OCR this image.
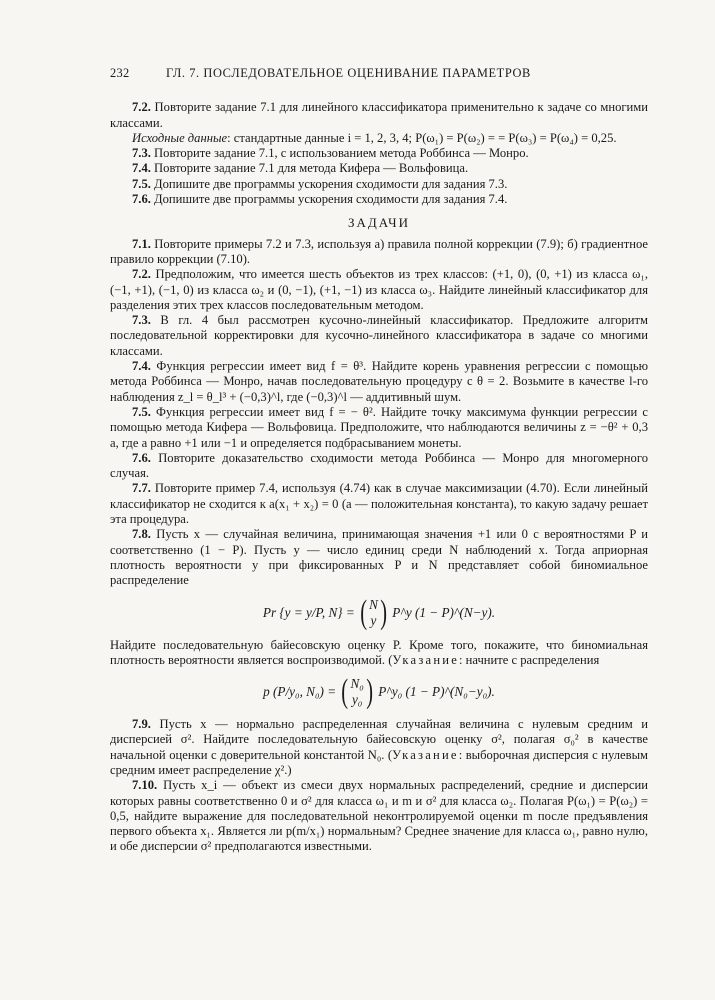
232	ГЛ. 7. ПОСЛЕДОВАТЕЛЬНОЕ ОЦЕНИВАНИЕ ПАРАМЕТРОВ

7.2. Повторите задание 7.1 для линейного классификатора применительно к задаче со многими классами.

Исходные данные: стандартные данные i = 1, 2, 3, 4; P(ω₁) = P(ω₂) = = P(ω₃) = P(ω₄) = 0,25.

7.3. Повторите задание 7.1, с использованием метода Роббинса — Монро.

7.4. Повторите задание 7.1 для метода Кифера — Вольфовица.

7.5. Допишите две программы ускорения сходимости для задания 7.3.

7.6. Допишите две программы ускорения сходимости для задания 7.4.

ЗАДАЧИ

7.1. Повторите примеры 7.2 и 7.3, используя а) правила полной коррекции (7.9); б) градиентное правило коррекции (7.10).

7.2. Предположим, что имеется шесть объектов из трех классов: (+1, 0), (0, +1) из класса ω₁, (−1, +1), (−1, 0) из класса ω₂ и (0, −1), (+1, −1) из класса ω₃. Найдите линейный классификатор для разделения этих трех классов последовательным методом.

7.3. В гл. 4 был рассмотрен кусочно-линейный классификатор. Предложите алгоритм последовательной корректировки для кусочно-линейного классификатора в задаче со многими классами.

7.4. Функция регрессии имеет вид f = θ³. Найдите корень уравнения регрессии с помощью метода Роббинса — Монро, начав последовательную процедуру с θ = 2. Возьмите в качестве l-го наблюдения z_l = θ_l³ + (−0,3)^l, где (−0,3)^l — аддитивный шум.

7.5. Функция регрессии имеет вид f = − θ². Найдите точку максимума функции регрессии с помощью метода Кифера — Вольфовица. Предположите, что наблюдаются величины z = −θ² + 0,3 a, где a равно +1 или −1 и определяется подбрасыванием монеты.

7.6. Повторите доказательство сходимости метода Роббинса — Монро для многомерного случая.

7.7. Повторите пример 7.4, используя (4.74) как в случае максимизации (4.70). Если линейный классификатор не сходится к a(x₁ + x₂) = 0 (a — положительная константа), то какую задачу решает эта процедура.

7.8. Пусть x — случайная величина, принимающая значения +1 или 0 с вероятностями P и соответственно (1 − P). Пусть y — число единиц среди N наблюдений x. Тогда априорная плотность вероятности y при фиксированных P и N представляет собой биномиальное распределение

Pr {y = y/P, N} = ( N
y ) P^y (1 − P)^(N−y).

Найдите последовательную байесовскую оценку P. Кроме того, покажите, что биномиальная плотность вероятности является воспроизводимой. (Указание: начните с распределения

p (P/y₀, N₀) = ( N₀
y₀ ) P^y₀ (1 − P)^(N₀−y₀).

7.9. Пусть x — нормально распределенная случайная величина с нулевым средним и дисперсией σ². Найдите последовательную байесовскую оценку σ², полагая σ₀² в качестве начальной оценки с доверительной константой N₀. (Указание: выборочная дисперсия с нулевым средним имеет распределение χ².)

7.10. Пусть x_i — объект из смеси двух нормальных распределений, средние и дисперсии которых равны соответственно 0 и σ² для класса ω₁ и m и σ² для класса ω₂. Полагая P(ω₁) = P(ω₂) = 0,5, найдите выражение для последовательной неконтролируемой оценки m после предъявления первого объекта x₁. Является ли p(m/x₁) нормальным? Среднее значение для класса ω₁, равно нулю, и обе дисперсии σ² предполагаются известными.
